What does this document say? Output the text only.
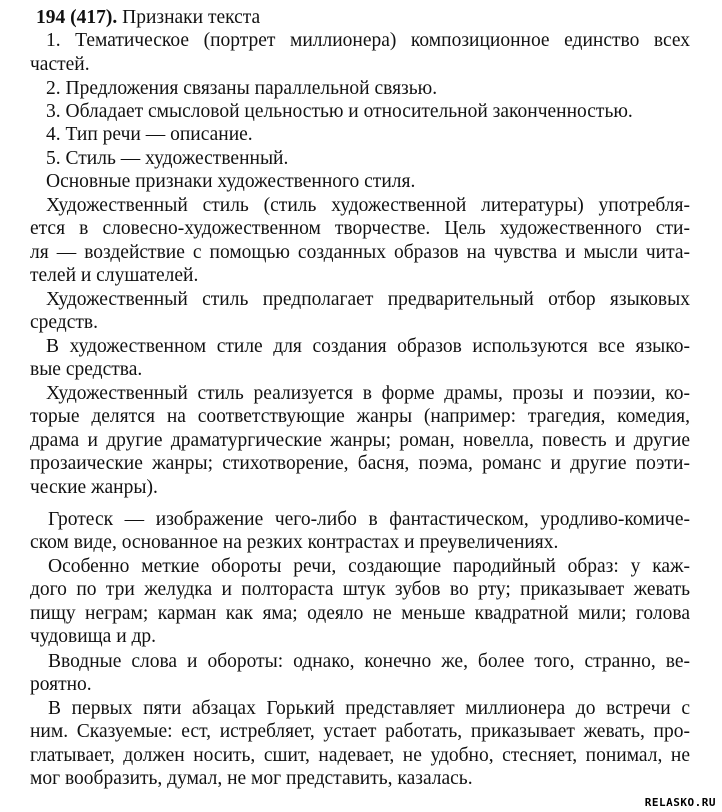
194 (417). Признаки текста
1. Тематическое (портрет миллионера) композиционное единство всех
частей.
2. Предложения связаны параллельной связью.
3. Обладает смысловой цельностью и относительной законченностью.
4. Тип речи — описание.
5. Стиль — художественный.
Основные признаки художественного стиля.
Художественный стиль (стиль художественной литературы) употребля-
ется в словесно-художественном творчестве. Цель художественного сти-
ля — воздействие с помощью созданных образов на чувства и мысли чита-
телей и слушателей.
Художественный стиль предполагает предварительный отбор языковых
средств.
В художественном стиле для создания образов используются все языко-
вые средства.
Художественный стиль реализуется в форме драмы, прозы и поэзии, ко-
торые делятся на соответствующие жанры (например: трагедия, комедия,
драма и другие драматургические жанры; роман, новелла, повесть и другие
прозаические жанры; стихотворение, басня, поэма, романс и другие поэти-
ческие жанры).
Гротеск — изображение чего-либо в фантастическом, уродливо-комиче-
ском виде, основанное на резких контрастах и преувеличениях.
Особенно меткие обороты речи, создающие пародийный образ: у каж-
дого по три желудка и полтораста штук зубов во рту; приказывает жевать
пищу неграм; карман как яма; одеяло не меньше квадратной мили; голова
чудовища и др.
Вводные слова и обороты: однако, конечно же, более того, странно, ве-
роятно.
В первых пяти абзацах Горький представляет миллионера до встречи с
ним. Сказуемые: ест, истребляет, устает работать, приказывает жевать, про-
глатывает, должен носить, сшит, надевает, не удобно, стесняет, понимал, не
мог вообразить, думал, не мог представить, казалась.
RELASKO.RU
